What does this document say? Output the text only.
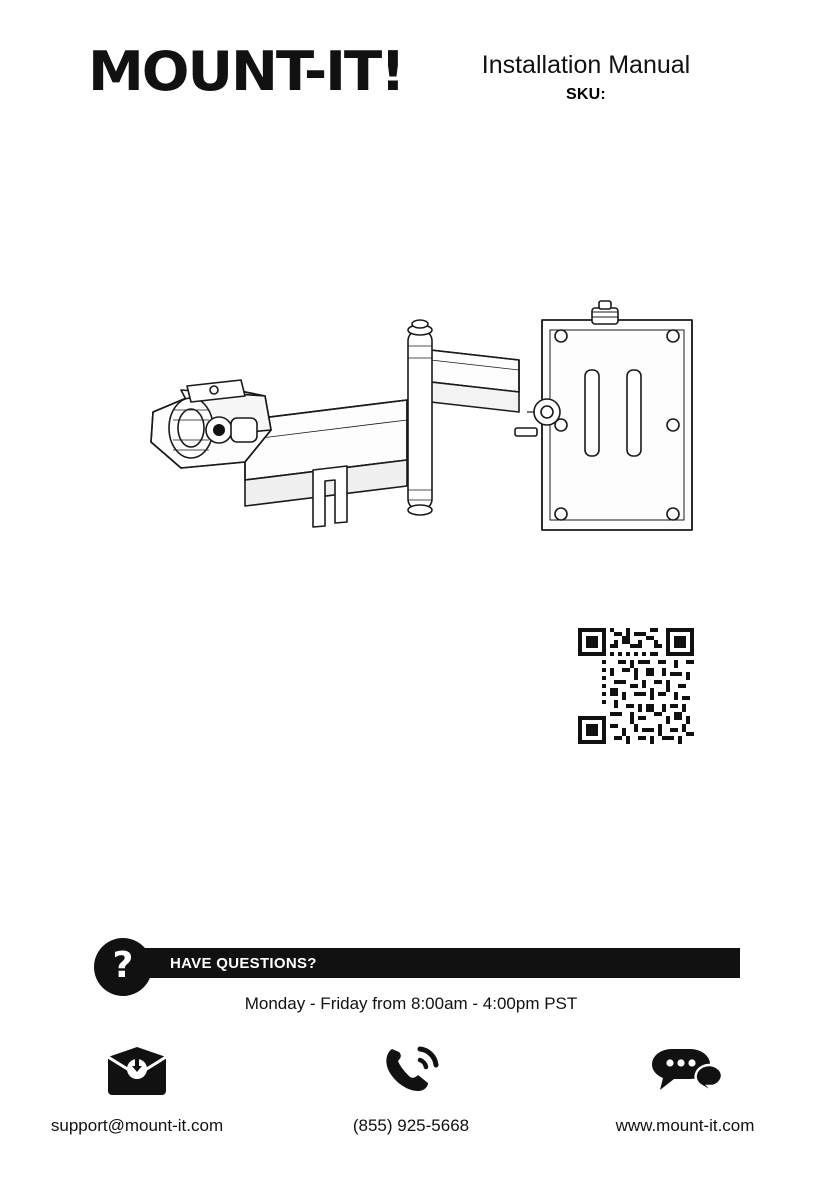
MOUNT-IT!	Installation Manual
SKU:
HAVE QUESTIONS?
?
Monday - Friday from 8:00am - 4:00pm PST
support@mount-it.com	(855) 925-5668	www.mount-it.com
